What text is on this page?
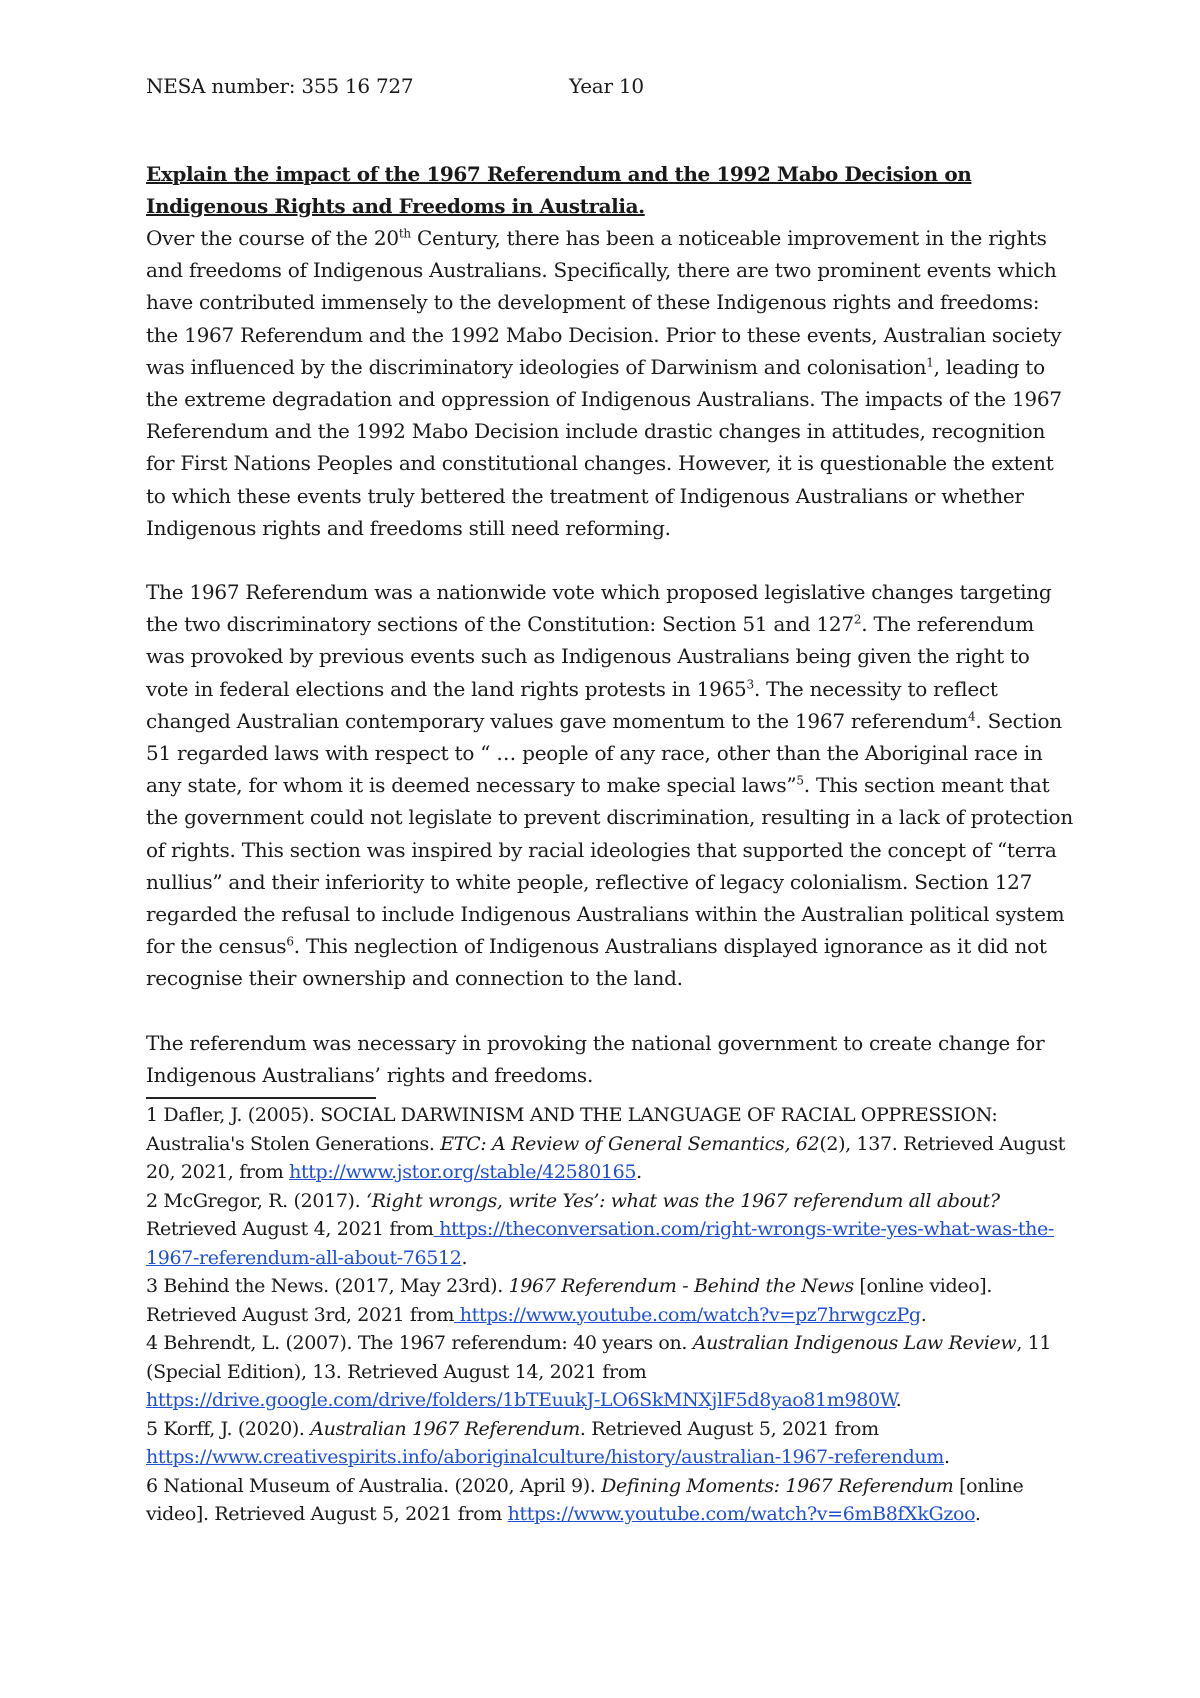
NESA number: 355 16 727	Year 10
Explain the impact of the 1967 Referendum and the 1992 Mabo Decision on Indigenous Rights and Freedoms in Australia.

Over the course of the 20th Century, there has been a noticeable improvement in the rights and freedoms of Indigenous Australians. Specifically, there are two prominent events which have contributed immensely to the development of these Indigenous rights and freedoms: the 1967 Referendum and the 1992 Mabo Decision. Prior to these events, Australian society was influenced by the discriminatory ideologies of Darwinism and colonisation$^1$, leading to the extreme degradation and oppression of Indigenous Australians. The impacts of the 1967 Referendum and the 1992 Mabo Decision include drastic changes in attitudes, recognition for First Nations Peoples and constitutional changes. However, it is questionable the extent to which these events truly bettered the treatment of Indigenous Australians or whether Indigenous rights and freedoms still need reforming.

The 1967 Referendum was a nationwide vote which proposed legislative changes targeting the two discriminatory sections of the Constitution: Section 51 and $127^2$. The referendum was provoked by previous events such as Indigenous Australians being given the right to vote in federal elections and the land rights protests in 1965$^3$. The necessity to reflect changed Australian contemporary values gave momentum to the 1967 referendum$^4$. Section 51 regarded laws with respect to “ … people of any race, other than the Aboriginal race in any state, for whom it is deemed necessary to make special laws”$^5$. This section meant that the government could not legislate to prevent discrimination, resulting in a lack of protection of rights. This section was inspired by racial ideologies that supported the concept of “terra nullius” and their inferiority to white people, reflective of legacy colonialism. Section 127 regarded the refusal to include Indigenous Australians within the Australian political system for the census$^6$. This neglection of Indigenous Australians displayed ignorance as it did not recognise their ownership and connection to the land.

The referendum was necessary in provoking the national government to create change for Indigenous Australians’ rights and freedoms.

1 Dafler, J. (2005). SOCIAL DARWINISM AND THE LANGUAGE OF RACIAL OPPRESSION: Australia's Stolen Generations. ETC: A Review of General Semantics, 62(2), 137. Retrieved August 20, 2021, from http://www.jstor.org/stable/42580165.

2 McGregor, R. (2017). ‘Right wrongs, write Yes’: what was the 1967 referendum all about? Retrieved August 4, 2021 from https://theconversation.com/right-wrongs-write-yes-what-was-the-1967-referendum-all-about-76512.

3 Behind the News. (2017, May 23rd). 1967 Referendum - Behind the News [online video]. Retrieved August 3rd, 2021 from https://www.youtube.com/watch?v=pz7hrwgczPg.

4 Behrendt, L. (2007). The 1967 referendum: 40 years on. Australian Indigenous Law Review, 11 (Special Edition), 13. Retrieved August 14, 2021 from https://drive.google.com/drive/folders/1bTEuukJ-LO6SkMNXjlF5d8yao81m980W.

5 Korff, J. (2020). Australian 1967 Referendum. Retrieved August 5, 2021 from https://www.creativespirits.info/aboriginalculture/history/australian-1967-referendum.

6 National Museum of Australia. (2020, April 9). Defining Moments: 1967 Referendum [online video]. Retrieved August 5, 2021 from https://www.youtube.com/watch?v=6mB8fXkGzoo.
